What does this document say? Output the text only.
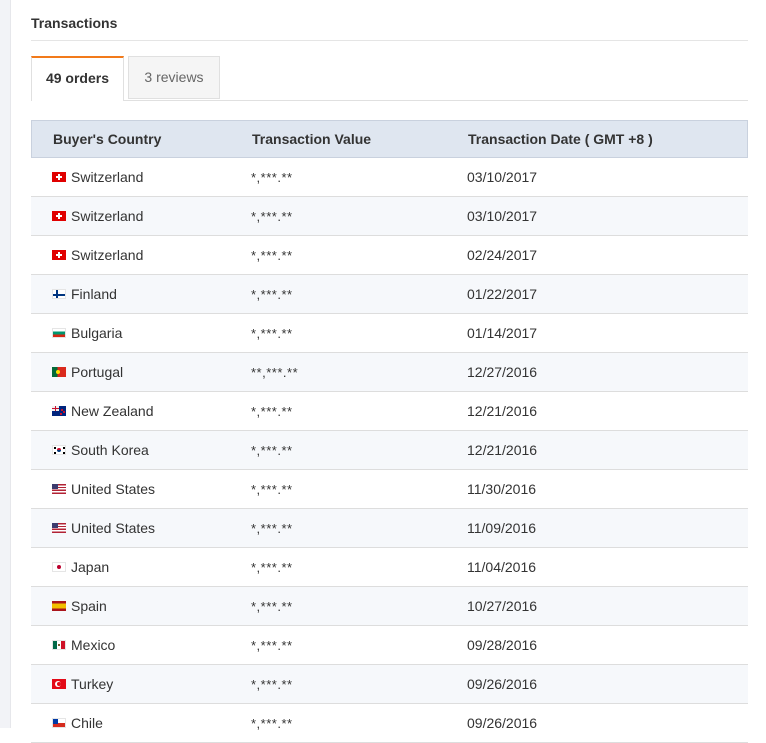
Transactions
49 orders	3 reviews
Buyer's Country	Transaction Value	Transaction Date ( GMT +8 )
Switzerland	*,***.**	03/10/2017
Switzerland	*,***.**	03/10/2017
Switzerland	*,***.**	02/24/2017
Finland	*,***.**	01/22/2017
Bulgaria	*,***.**	01/14/2017
Portugal	**,***.**	12/27/2016
New Zealand	*,***.**	12/21/2016
South Korea	*,***.**	12/21/2016
United States	*,***.**	11/30/2016
United States	*,***.**	11/09/2016
Japan	*,***.**	11/04/2016
Spain	*,***.**	10/27/2016
Mexico	*,***.**	09/28/2016
Turkey	*,***.**	09/26/2016
Chile	*,***.**	09/26/2016
